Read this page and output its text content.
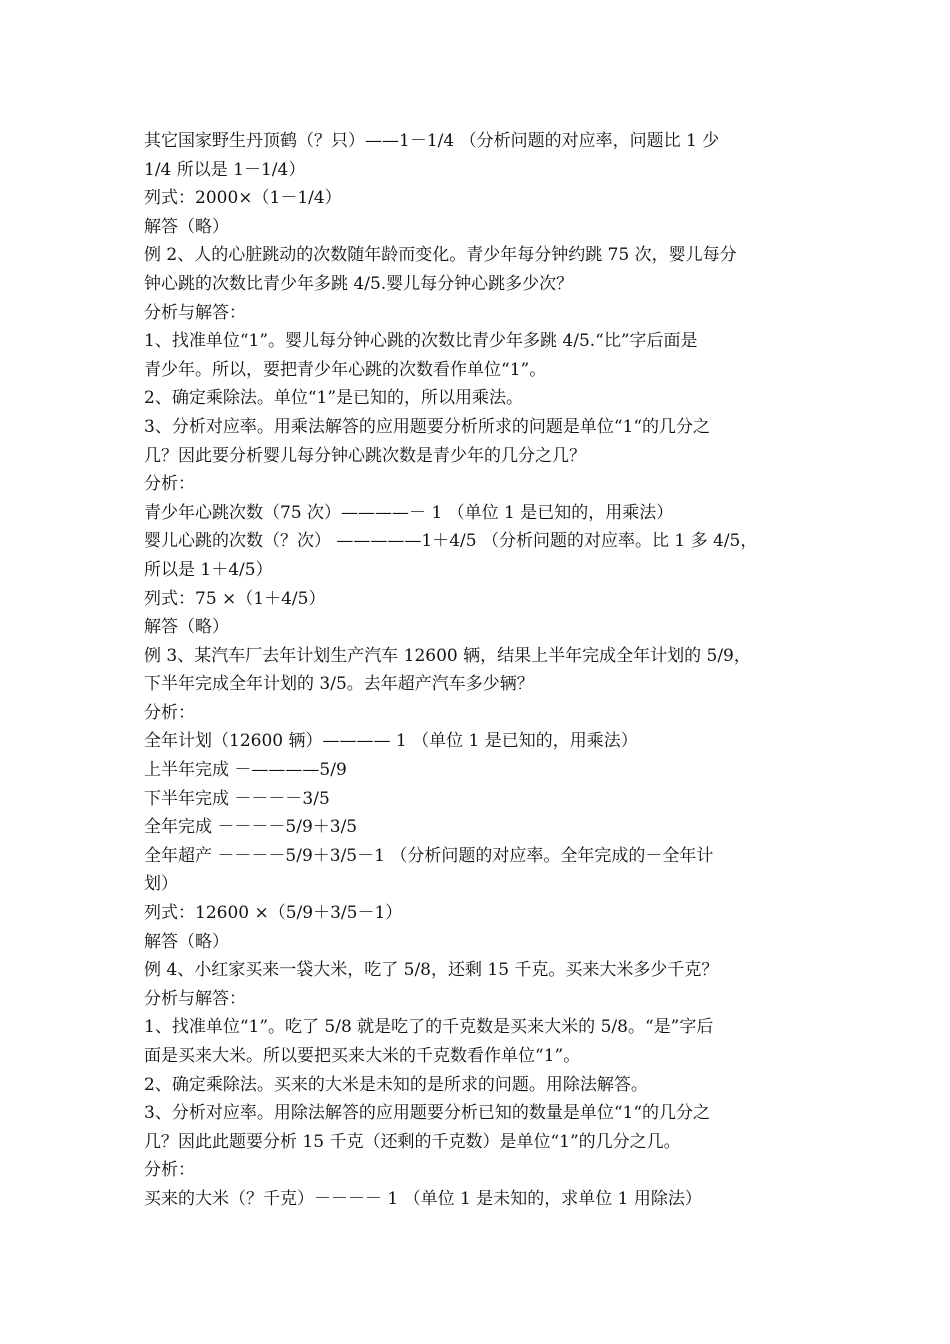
其它国家野生丹顶鹤（？只）——1－1/4 （分析问题的对应率，问题比 1 少
1/4 所以是 1－1/4）
列式：2000×（1－1/4）
解答（略）
例 2、人的心脏跳动的次数随年龄而变化。青少年每分钟约跳 75 次，婴儿每分
钟心跳的次数比青少年多跳 4/5.婴儿每分钟心跳多少次？
分析与解答：
1、找准单位“1”。婴儿每分钟心跳的次数比青少年多跳 4/5.“比”字后面是
青少年。所以，要把青少年心跳的次数看作单位“1”。
2、确定乘除法。单位“1”是已知的，所以用乘法。
3、分析对应率。用乘法解答的应用题要分析所求的问题是单位“1“的几分之
几？因此要分析婴儿每分钟心跳次数是青少年的几分之几？
分析：
青少年心跳次数（75 次）————－ 1 （单位 1 是已知的，用乘法）
婴儿心跳的次数（？次） —————1＋4/5 （分析问题的对应率。比 1 多 4/5，
所以是 1＋4/5）
列式：75 ×（1＋4/5）
解答（略）
例 3、某汽车厂去年计划生产汽车 12600 辆，结果上半年完成全年计划的 5/9，
下半年完成全年计划的 3/5。去年超产汽车多少辆？
分析：
全年计划（12600 辆）———— 1 （单位 1 是已知的，用乘法）
上半年完成 －————5/9
下半年完成 －－－－3/5
全年完成 －－－－5/9＋3/5
全年超产 －－－－5/9＋3/5－1 （分析问题的对应率。全年完成的－全年计
划）
列式：12600 ×（5/9＋3/5－1）
解答（略）
例 4、小红家买来一袋大米，吃了 5/8，还剩 15 千克。买来大米多少千克？
分析与解答：
1、找准单位“1”。吃了 5/8 就是吃了的千克数是买来大米的 5/8。“是”字后
面是买来大米。所以要把买来大米的千克数看作单位“1”。
2、确定乘除法。买来的大米是未知的是所求的问题。用除法解答。
3、分析对应率。用除法解答的应用题要分析已知的数量是单位“1“的几分之
几？因此此题要分析 15 千克（还剩的千克数）是单位“1”的几分之几。
分析：
买来的大米（？千克）－－－－ 1 （单位 1 是未知的，求单位 1 用除法）
